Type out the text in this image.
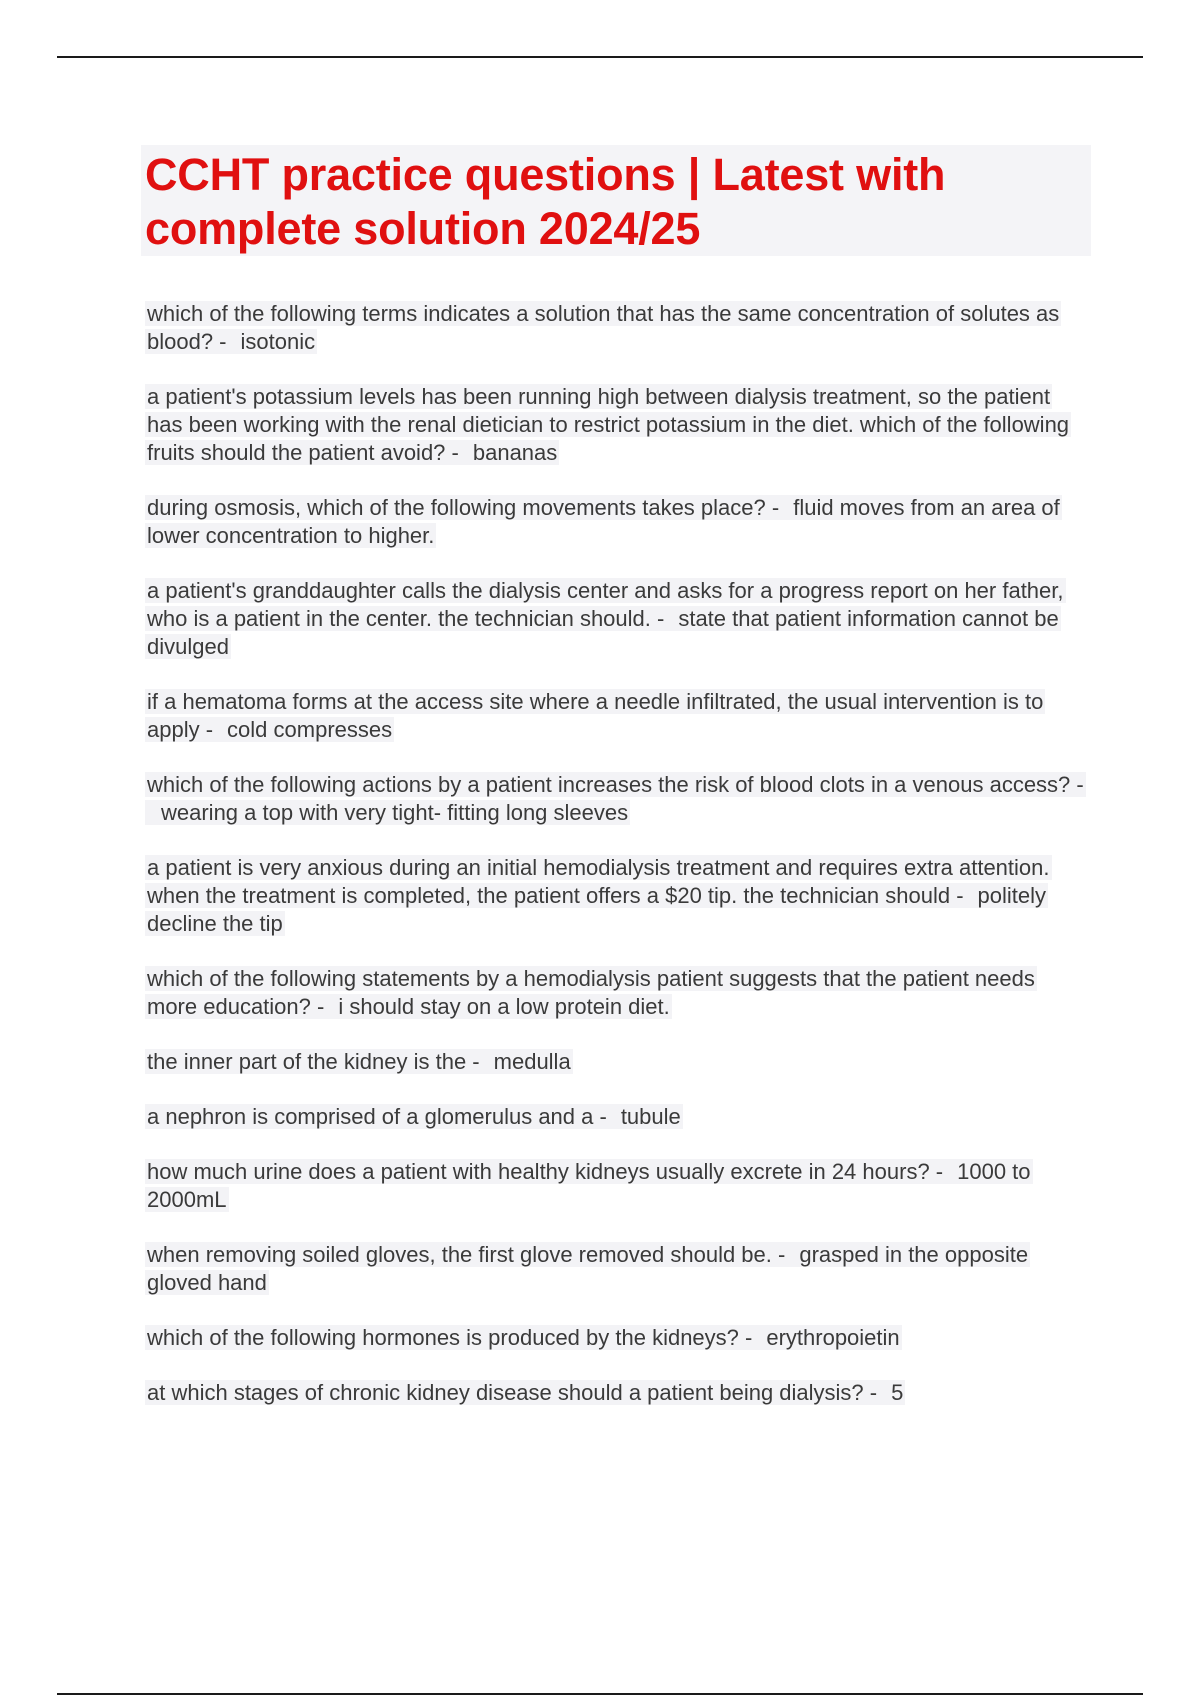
CCHT practice questions | Latest with complete solution 2024/25

which of the following terms indicates a solution that has the same concentration of solutes as blood? - isotonic

a patient's potassium levels has been running high between dialysis treatment, so the patient has been working with the renal dietician to restrict potassium in the diet. which of the following fruits should the patient avoid? - bananas

during osmosis, which of the following movements takes place? - fluid moves from an area of lower concentration to higher.

a patient's granddaughter calls the dialysis center and asks for a progress report on her father, who is a patient in the center. the technician should. - state that patient information cannot be divulged

if a hematoma forms at the access site where a needle infiltrated, the usual intervention is to apply - cold compresses

which of the following actions by a patient increases the risk of blood clots in a venous access? -wearing a top with very tight- fitting long sleeves

a patient is very anxious during an initial hemodialysis treatment and requires extra attention. when the treatment is completed, the patient offers a $20 tip. the technician should - politely decline the tip

which of the following statements by a hemodialysis patient suggests that the patient needs more education? - i should stay on a low protein diet.

the inner part of the kidney is the - medulla

a nephron is comprised of a glomerulus and a - tubule

how much urine does a patient with healthy kidneys usually excrete in 24 hours? - 1000 to 2000mL

when removing soiled gloves, the first glove removed should be. - grasped in the opposite gloved hand

which of the following hormones is produced by the kidneys? - erythropoietin

at which stages of chronic kidney disease should a patient being dialysis? - 5
